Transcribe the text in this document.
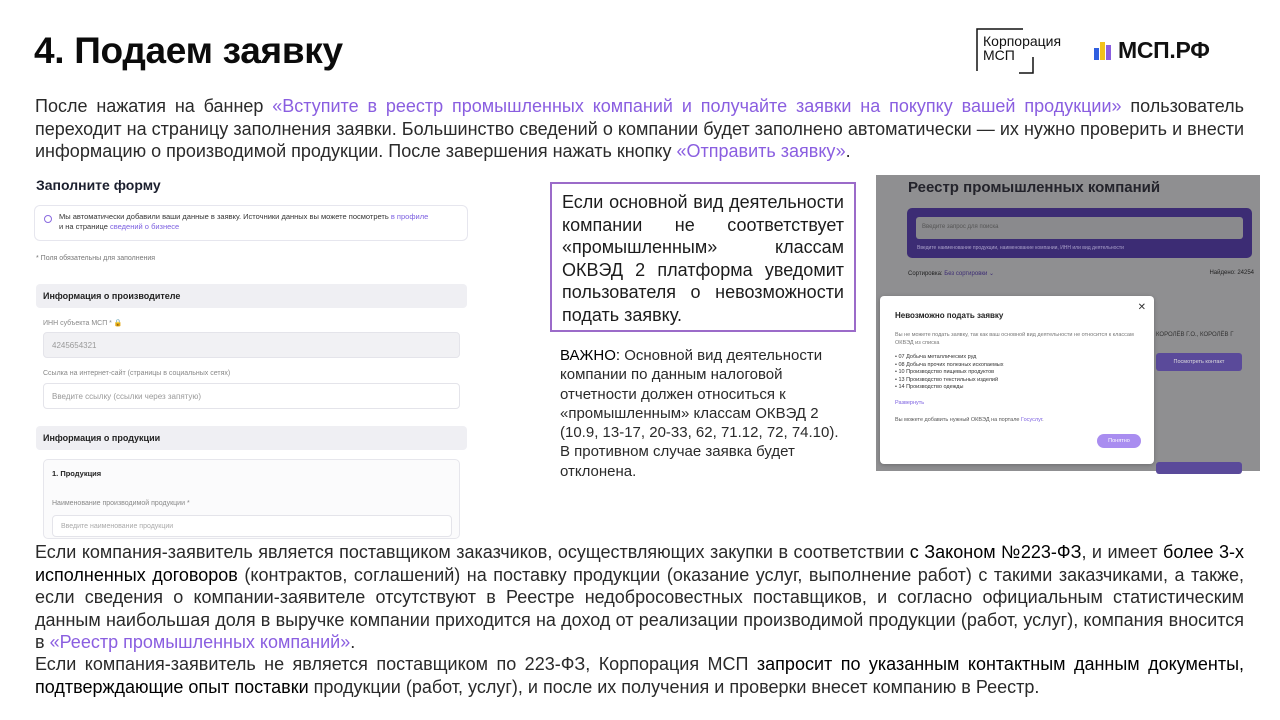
4. Подаем заявку	Корпорация
МСП	МСП.РФ

После нажатия на баннер «Вступите в реестр промышленных компаний и получайте заявки на покупку вашей продукции» пользователь переходит на страницу заполнения заявки. Большинство сведений о компании будет заполнено автоматически — их нужно проверить и внести информацию о производимой продукции. После завершения нажать кнопку «Отправить заявку».

Заполните форму
Мы автоматически добавили ваши данные в заявку. Источники данных вы можете посмотреть в профиле
и на странице сведений о бизнесе
* Поля обязательны для заполнения
Информация о производителе
ИНН субъекта МСП * 🔒
4245654321
Ссылка на интернет-сайт (страницы в социальных сетях)
Введите ссылку (ссылки через запятую)
Информация о продукции
1. Продукция
Наименование производимой продукции *
Введите наименование продукции
Если основной вид деятельности компании не соответствует «промышленным» классам ОКВЭД 2 платформа уведомит пользователя о невозможности подать заявку.
ВАЖНО: Основной вид деятельности компании по данным налоговой отчетности должен относиться к «промышленным» классам ОКВЭД 2 (10.9, 13-17, 20-33, 62, 71.12, 72, 74.10). В противном случае заявка будет отклонена.
Реестр промышленных компаний
Введите запрос для поиска
Введите наименование продукции, наименование компании, ИНН или вид деятельности
Сортировка: Без сортировки ⌄	Найдено: 24254
КОРОЛЁВ Г.О., КОРОЛЁВ Г
Посмотреть контакт
Невозможно подать заявку
✕
Вы не можете подать заявку, так как ваш основной вид деятельности не относится к классам ОКВЭД из списка
• 07 Добыча металлических руд
• 08 Добыча прочих полезных ископаемых
• 10 Производство пищевых продуктов
• 13 Производство текстильных изделий
• 14 Производство одежды
Развернуть
Вы можете добавить нужный ОКВЭД на портале Госуслуг.
Понятно

Если компания-заявитель является поставщиком заказчиков, осуществляющих закупки в соответствии с Законом №223-ФЗ, и имеет более 3-х исполненных договоров (контрактов, соглашений) на поставку продукции (оказание услуг, выполнение работ) с такими заказчиками, а также, если сведения о компании-заявителе отсутствуют в Реестре недобросовестных поставщиков, и согласно официальным статистическим данным наибольшая доля в выручке компании приходится на доход от реализации производимой продукции (работ, услуг), компания вносится в «Реестр промышленных компаний».

Если компания-заявитель не является поставщиком по 223-ФЗ, Корпорация МСП запросит по указанным контактным данным документы, подтверждающие опыт поставки продукции (работ, услуг), и после их получения и проверки внесет компанию в Реестр.
